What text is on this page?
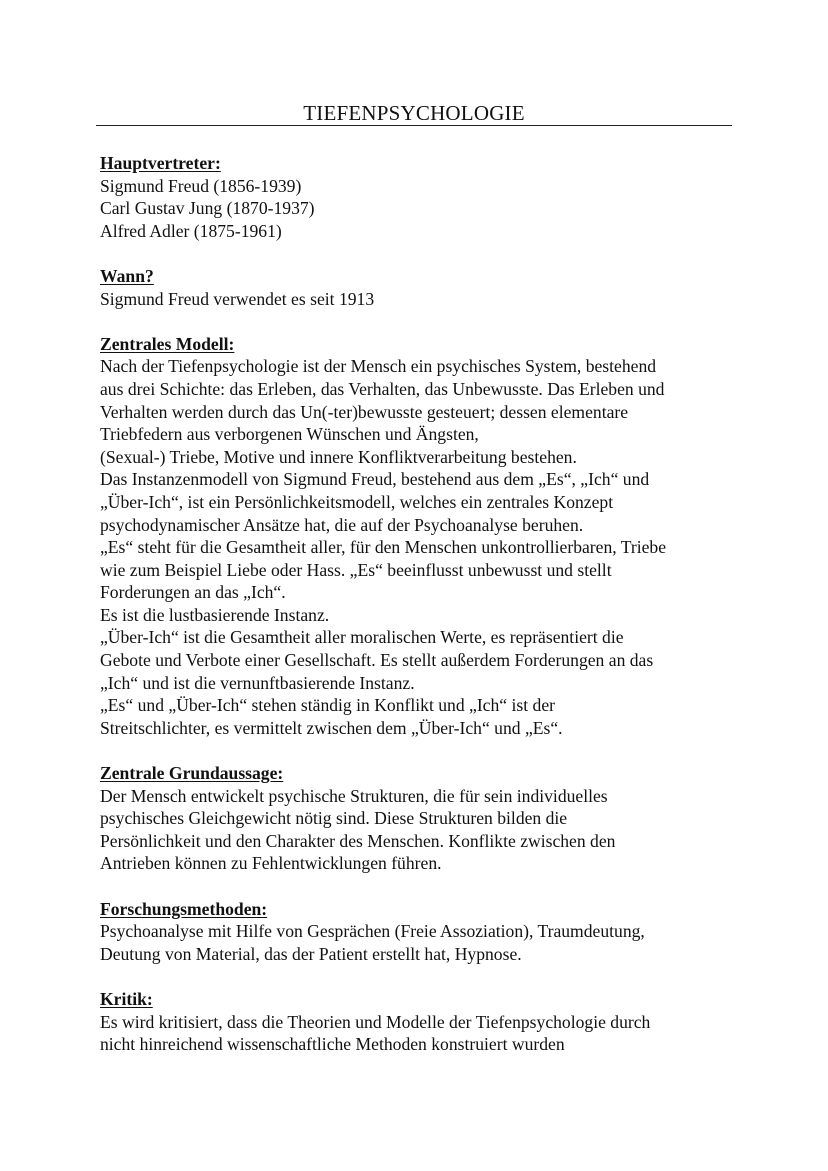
TIEFENPSYCHOLOGIE
Hauptvertreter:
Sigmund Freud (1856-1939)
Carl Gustav Jung (1870-1937)
Alfred Adler (1875-1961)
Wann?
Sigmund Freud verwendet es seit 1913
Zentrales Modell:
Nach der Tiefenpsychologie ist der Mensch ein psychisches System, bestehend
aus drei Schichte: das Erleben, das Verhalten, das Unbewusste. Das Erleben und
Verhalten werden durch das Un(-ter)bewusste gesteuert; dessen elementare
Triebfedern aus verborgenen Wünschen und Ängsten,
(Sexual-) Triebe, Motive und innere Konfliktverarbeitung bestehen.
Das Instanzenmodell von Sigmund Freud, bestehend aus dem „Es“, „Ich“ und
„Über-Ich“, ist ein Persönlichkeitsmodell, welches ein zentrales Konzept
psychodynamischer Ansätze hat, die auf der Psychoanalyse beruhen.
„Es“ steht für die Gesamtheit aller, für den Menschen unkontrollierbaren, Triebe
wie zum Beispiel Liebe oder Hass. „Es“ beeinflusst unbewusst und stellt
Forderungen an das „Ich“.
Es ist die lustbasierende Instanz.
„Über-Ich“ ist die Gesamtheit aller moralischen Werte, es repräsentiert die
Gebote und Verbote einer Gesellschaft. Es stellt außerdem Forderungen an das
„Ich“ und ist die vernunftbasierende Instanz.
„Es“ und „Über-Ich“ stehen ständig in Konflikt und „Ich“ ist der
Streitschlichter, es vermittelt zwischen dem „Über-Ich“ und „Es“.
Zentrale Grundaussage:
Der Mensch entwickelt psychische Strukturen, die für sein individuelles
psychisches Gleichgewicht nötig sind. Diese Strukturen bilden die
Persönlichkeit und den Charakter des Menschen. Konflikte zwischen den
Antrieben können zu Fehlentwicklungen führen.
Forschungsmethoden:
Psychoanalyse mit Hilfe von Gesprächen (Freie Assoziation), Traumdeutung,
Deutung von Material, das der Patient erstellt hat, Hypnose.
Kritik:
Es wird kritisiert, dass die Theorien und Modelle der Tiefenpsychologie durch
nicht hinreichend wissenschaftliche Methoden konstruiert wurden
